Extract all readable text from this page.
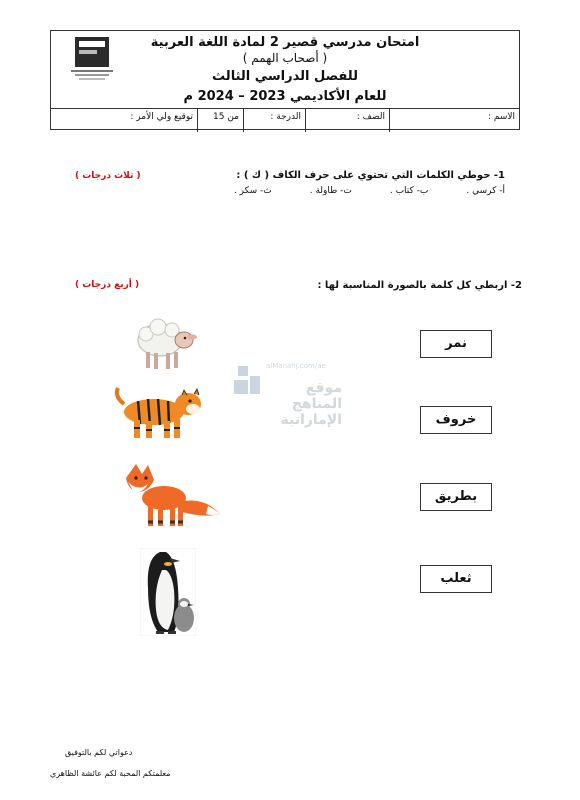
امتحان مدرسي قصير 2 لمادة اللغة العربية
( أصحاب الهمم )
للفصل الدراسي الثالث
للعام الأكاديمي 2023 – 2024 م
الاسم :
الصف :
الدرجة :
من 15
توقيع ولي الأمر :
1- حوطي الكلمات التي تحتوي على حرف الكاف ( ك ) :
( ثلاث درجات )
أ- كرسي .
ب- كتاب .
ت- طاولة .
ث- سكر .
2- اربطي كل كلمة بالصورة المناسبة لها :
( أربع درجات )
نمر
خروف
بطريق
ثعلب
alManahj.com/ae
موقع المناهج الإماراتية
دعواتي لكم بالتوفيق
معلمتكم المحبة لكم عائشة الظاهري
